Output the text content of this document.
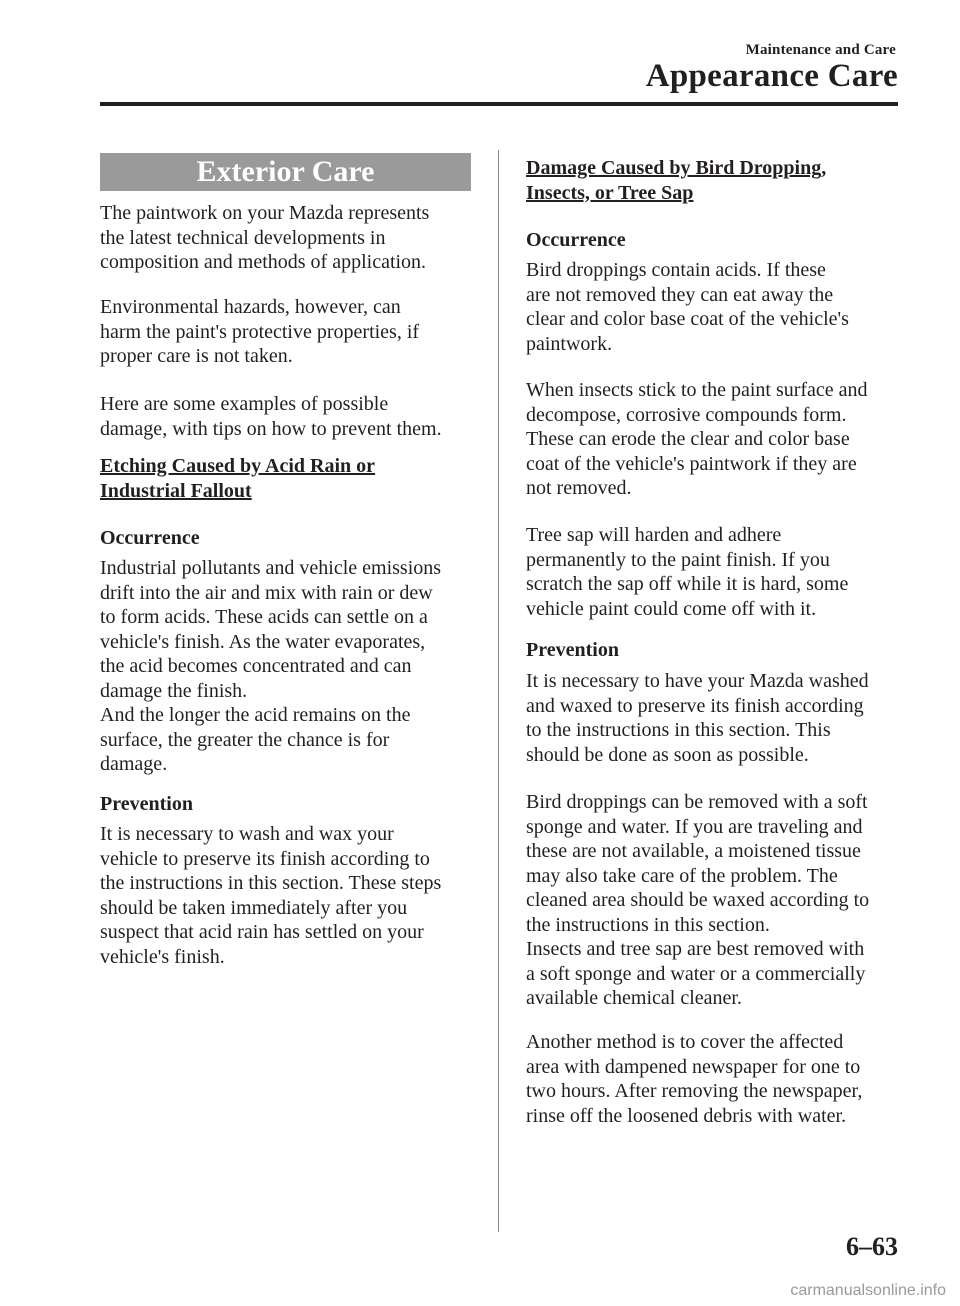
Maintenance and Care
Appearance Care
Exterior Care

The paintwork on your Mazda represents
the latest technical developments in
composition and methods of application.

Environmental hazards, however, can
harm the paint's protective properties, if
proper care is not taken.

Here are some examples of possible
damage, with tips on how to prevent them.

Etching Caused by Acid Rain or
Industrial Fallout

Occurrence

Industrial pollutants and vehicle emissions
drift into the air and mix with rain or dew
to form acids. These acids can settle on a
vehicle's finish. As the water evaporates,
the acid becomes concentrated and can
damage the finish.
And the longer the acid remains on the
surface, the greater the chance is for
damage.

Prevention

It is necessary to wash and wax your
vehicle to preserve its finish according to
the instructions in this section. These steps
should be taken immediately after you
suspect that acid rain has settled on your
vehicle's finish.

Damage Caused by Bird Dropping,
Insects, or Tree Sap

Occurrence

Bird droppings contain acids. If these
are not removed they can eat away the
clear and color base coat of the vehicle's
paintwork.

When insects stick to the paint surface and
decompose, corrosive compounds form.
These can erode the clear and color base
coat of the vehicle's paintwork if they are
not removed.

Tree sap will harden and adhere
permanently to the paint finish. If you
scratch the sap off while it is hard, some
vehicle paint could come off with it.

Prevention

It is necessary to have your Mazda washed
and waxed to preserve its finish according
to the instructions in this section. This
should be done as soon as possible.

Bird droppings can be removed with a soft
sponge and water. If you are traveling and
these are not available, a moistened tissue
may also take care of the problem. The
cleaned area should be waxed according to
the instructions in this section.
Insects and tree sap are best removed with
a soft sponge and water or a commercially
available chemical cleaner.

Another method is to cover the affected
area with dampened newspaper for one to
two hours. After removing the newspaper,
rinse off the loosened debris with water.

6–63
carmanualsonline.info
